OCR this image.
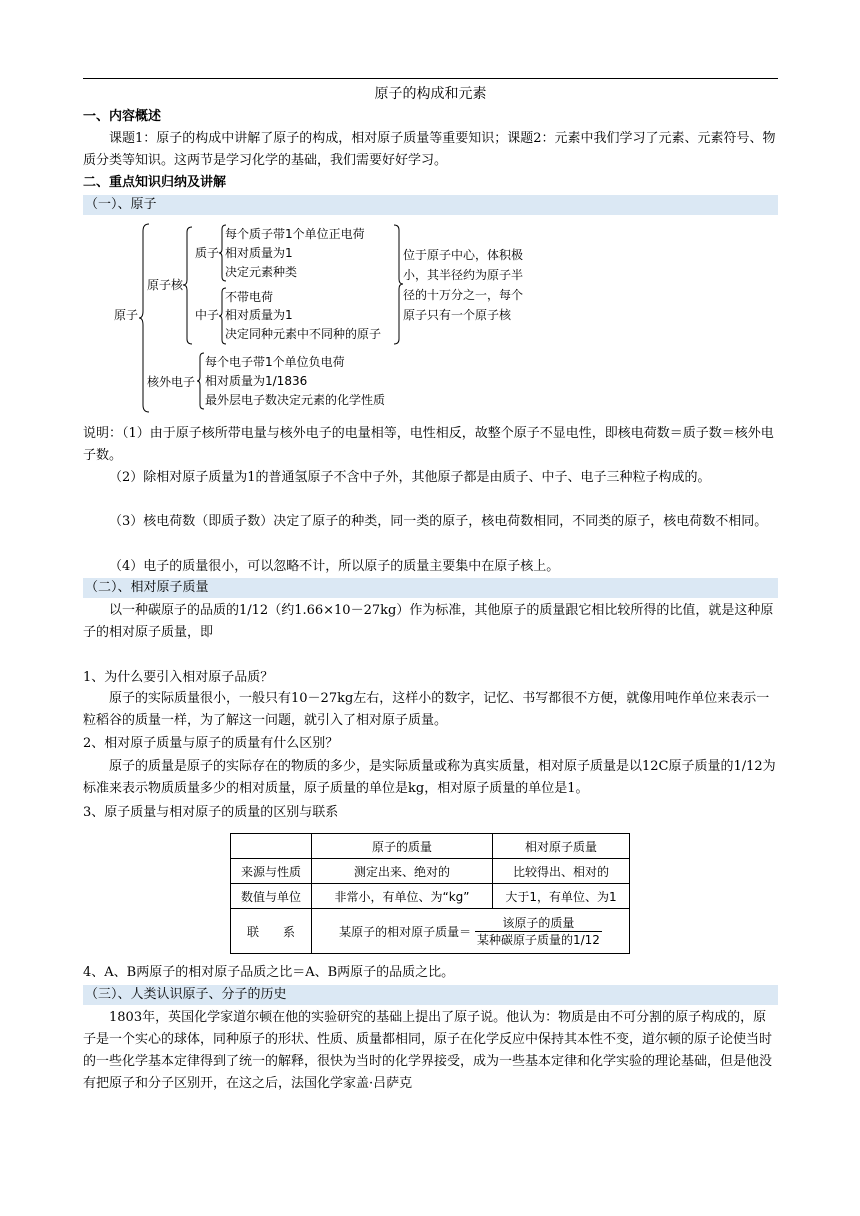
原子的构成和元素
一、内容概述
课题1：原子的构成中讲解了原子的构成，相对原子质量等重要知识；课题2：元素中我们学习了元素、元素符号、物质分类等知识。这两节是学习化学的基础，我们需要好好学习。
二、重点知识归纳及讲解
（一）、原子
原子
原子核
质子
每个质子带1个单位正电荷
相对质量为1
决定元素种类
中子
不带电荷
相对质量为1
决定同种元素中不同种的原子
位于原子中心，体积极
小，其半径约为原子半
径的十万分之一，每个
原子只有一个原子核
核外电子
每个电子带1个单位负电荷
相对质量为1/1836
最外层电子数决定元素的化学性质
说明：（1）由于原子核所带电量与核外电子的电量相等，电性相反，故整个原子不显电性，即核电荷数＝质子数＝核外电子数。
（2）除相对原子质量为1的普通氢原子不含中子外，其他原子都是由质子、中子、电子三种粒子构成的。
（3）核电荷数（即质子数）决定了原子的种类，同一类的原子，核电荷数相同，不同类的原子，核电荷数不相同。
（4）电子的质量很小，可以忽略不计，所以原子的质量主要集中在原子核上。
（二）、相对原子质量
以一种碳原子的品质的1/12（约1.66×10－27kg）作为标准，其他原子的质量跟它相比较所得的比值，就是这种原子的相对原子质量，即
1、为什么要引入相对原子品质？
原子的实际质量很小，一般只有10－27kg左右，这样小的数字，记忆、书写都很不方便，就像用吨作单位来表示一粒稻谷的质量一样，为了解这一问题，就引入了相对原子质量。
2、相对原子质量与原子的质量有什么区别？
原子的质量是原子的实际存在的物质的多少，是实际质量或称为真实质量，相对原子质量是以12C原子质量的1/12为标准来表示物质质量多少的相对质量，原子质量的单位是kg，相对原子质量的单位是1。
3、原子质量与相对原子的质量的区别与联系
	原子的质量	相对原子质量
来源与性质	测定出来、绝对的	比较得出、相对的
数值与单位	非常小，有单位、为“kg”	大于1，有单位、为1
联　　系	某原子的相对原子质量＝ $\frac{\text{该原子的质量}}{\text{某种碳原子质量的1/12}}$
4、A、B两原子的相对原子品质之比＝A、B两原子的品质之比。
（三）、人类认识原子、分子的历史
1803年，英国化学家道尔顿在他的实验研究的基础上提出了原子说。他认为：物质是由不可分割的原子构成的，原子是一个实心的球体，同种原子的形状、性质、质量都相同，原子在化学反应中保持其本性不变，道尔顿的原子论使当时的一些化学基本定律得到了统一的解释，很快为当时的化学界接受，成为一些基本定律和化学实验的理论基础，但是他没有把原子和分子区别开，在这之后，法国化学家盖·吕萨克
